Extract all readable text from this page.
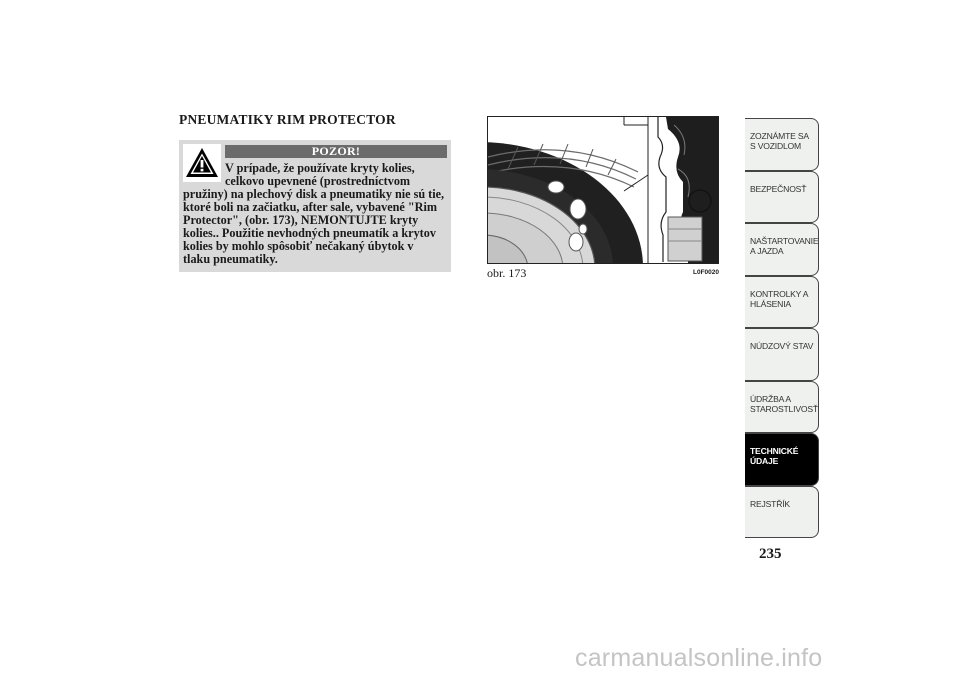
PNEUMATIKY RIM PROTECTOR
POZOR!
V prípade, že používate kryty kolies,
celkovo upevnené (prostredníctvom
pružiny) na plechový disk a pneumatiky nie sú tie,
ktoré boli na začiatku, after sale, vybavené "Rim
Protector", (obr. 173), NEMONTUJTE kryty
kolies.. Použitie nevhodných pneumatík a krytov
kolies by mohlo spôsobiť nečakaný úbytok v
tlaku pneumatiky.
obr. 173	L0F0020
ZOZNÁMTE SA S VOZIDLOM
BEZPEČNOSŤ
NAŠTARTOVANIE A JAZDA
KONTROLKY A HLÁSENIA
NÚDZOVÝ STAV
ÚDRŽBA A STAROSTLIVOSŤ
TECHNICKÉ ÚDAJE
REJSTŘÍK
235
carmanualsonline.info
